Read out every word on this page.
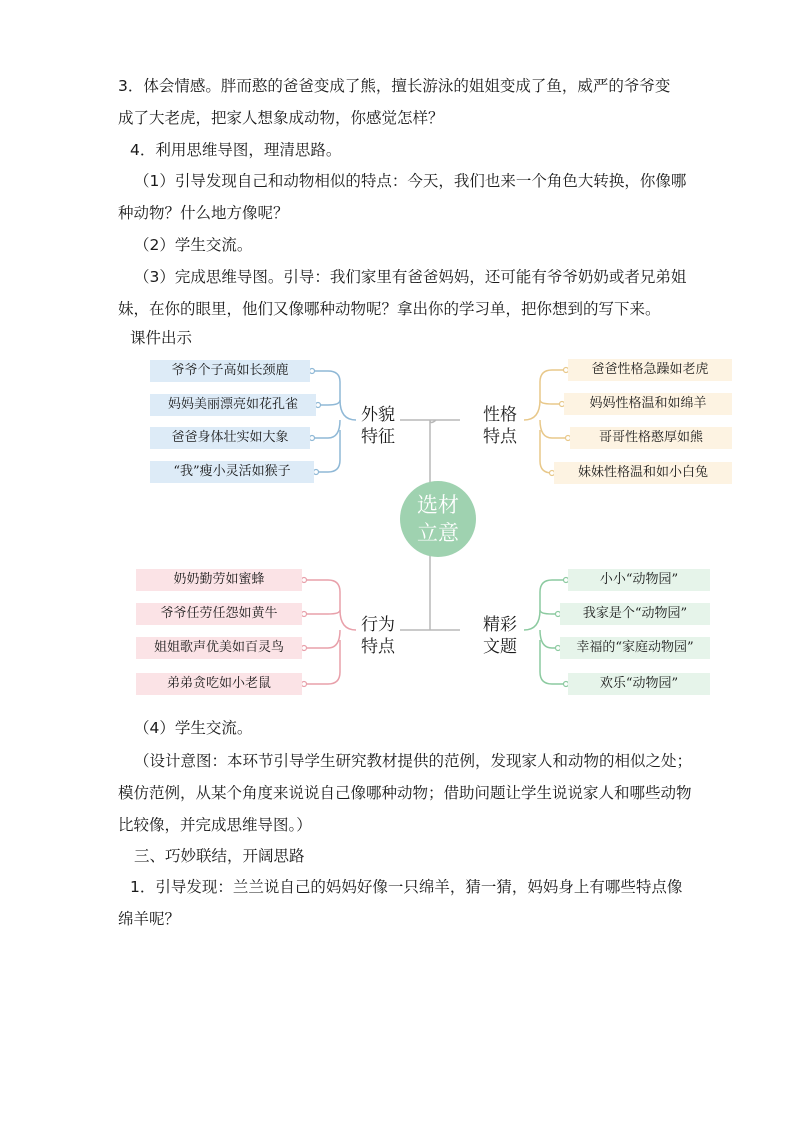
3．体会情感。胖而憨的爸爸变成了熊，擅长游泳的姐姐变成了鱼，威严的爷爷变

成了大老虎，把家人想象成动物，你感觉怎样？

4．利用思维导图，理清思路。

（1）引导发现自己和动物相似的特点：今天，我们也来一个角色大转换，你像哪

种动物？什么地方像呢？

（2）学生交流。

（3）完成思维导图。引导：我们家里有爸爸妈妈，还可能有爷爷奶奶或者兄弟姐

妹，在你的眼里，他们又像哪种动物呢？拿出你的学习单，把你想到的写下来。

课件出示

选材
立意
外貌
特征
性格
特点
行为
特点
精彩
文题
爷爷个子高如长颈鹿
妈妈美丽漂亮如花孔雀
爸爸身体壮实如大象
“我”瘦小灵活如猴子
爸爸性格急躁如老虎
妈妈性格温和如绵羊
哥哥性格憨厚如熊
妹妹性格温和如小白兔
奶奶勤劳如蜜蜂
爷爷任劳任怨如黄牛
姐姐歌声优美如百灵鸟
弟弟贪吃如小老鼠
小小“动物园”
我家是个“动物园”
幸福的“家庭动物园”
欢乐“动物园”

（4）学生交流。

（设计意图：本环节引导学生研究教材提供的范例，发现家人和动物的相似之处；

模仿范例，从某个角度来说说自己像哪种动物；借助问题让学生说说家人和哪些动物

比较像，并完成思维导图。）

三、巧妙联结，开阔思路

1．引导发现：兰兰说自己的妈妈好像一只绵羊，猜一猜，妈妈身上有哪些特点像

绵羊呢？
